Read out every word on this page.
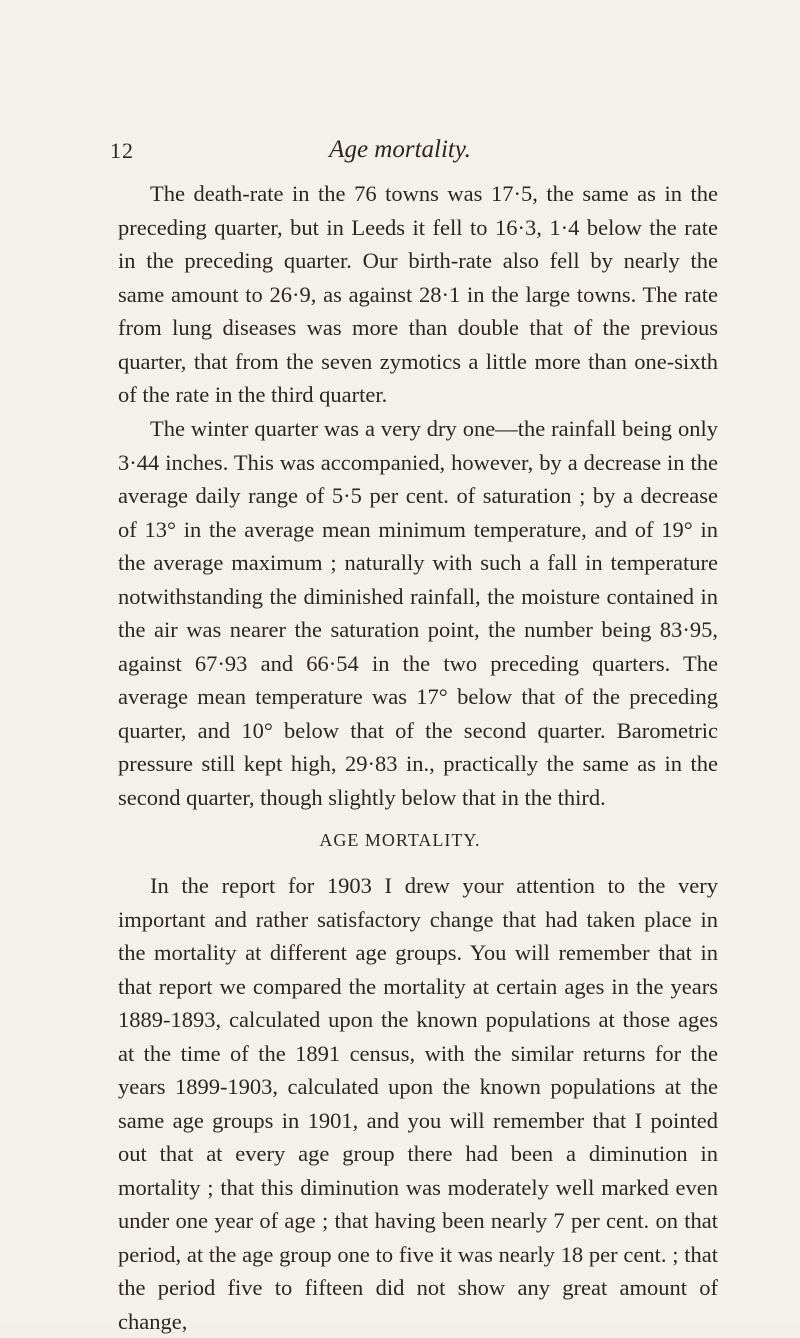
12	Age mortality.

The death-rate in the 76 towns was 17·5, the same as in the preceding quarter, but in Leeds it fell to 16·3, 1·4 below the rate in the preceding quarter. Our birth-rate also fell by nearly the same amount to 26·9, as against 28·1 in the large towns. The rate from lung diseases was more than double that of the previous quarter, that from the seven zymotics a little more than one-sixth of the rate in the third quarter.

The winter quarter was a very dry one—the rainfall being only 3·44 inches. This was accompanied, however, by a decrease in the average daily range of 5·5 per cent. of saturation ; by a decrease of 13° in the average mean minimum temperature, and of 19° in the average maximum ; naturally with such a fall in temperature notwithstanding the diminished rainfall, the moisture contained in the air was nearer the saturation point, the number being 83·95, against 67·93 and 66·54 in the two preceding quarters. The average mean temperature was 17° below that of the preceding quarter, and 10° below that of the second quarter. Barometric pressure still kept high, 29·83 in., practically the same as in the second quarter, though slightly below that in the third.

AGE MORTALITY.

In the report for 1903 I drew your attention to the very important and rather satisfactory change that had taken place in the mortality at different age groups. You will remember that in that report we compared the mortality at certain ages in the years 1889-1893, calculated upon the known populations at those ages at the time of the 1891 census, with the similar returns for the years 1899-1903, calculated upon the known populations at the same age groups in 1901, and you will remember that I pointed out that at every age group there had been a diminution in mortality ; that this diminution was moderately well marked even under one year of age ; that having been nearly 7 per cent. on that period, at the age group one to five it was nearly 18 per cent. ; that the period five to fifteen did not show any great amount of change,
